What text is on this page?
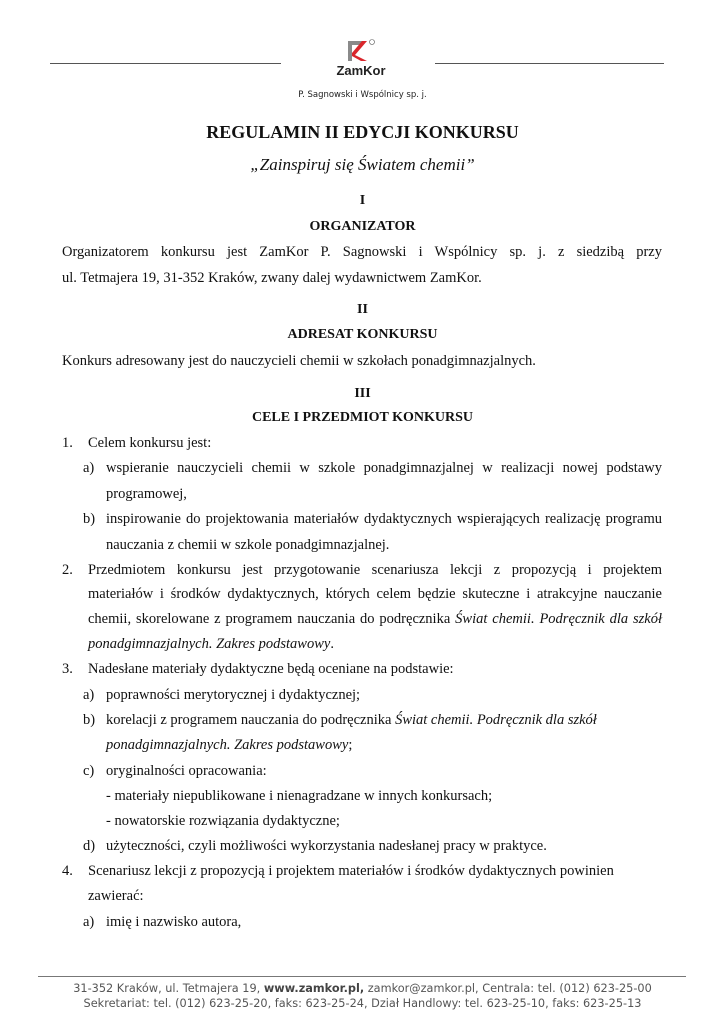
ZamKor
P. Sagnowski i Wspólnicy sp. j.
REGULAMIN II EDYCJI KONKURSU
„Zainspiruj się Światem chemii”
I
ORGANIZATOR
Organizatorem konkursu jest ZamKor P. Sagnowski i Wspólnicy sp. j. z siedzibą przy
ul. Tetmajera 19, 31-352 Kraków, zwany dalej wydawnictwem ZamKor.
II
ADRESAT KONKURSU
Konkurs adresowany jest do nauczycieli chemii w szkołach ponadgimnazjalnych.
III
CELE I PRZEDMIOT KONKURSU
1. Celem konkursu jest:
a) wspieranie nauczycieli chemii w szkole ponadgimnazjalnej w realizacji nowej podstawy
programowej,
b) inspirowanie do projektowania materiałów dydaktycznych wspierających realizację programu
nauczania z chemii w szkole ponadgimnazjalnej.
2. Przedmiotem konkursu jest przygotowanie scenariusza lekcji z propozycją i projektem
materiałów i środków dydaktycznych, których celem będzie skuteczne i atrakcyjne nauczanie
chemii, skorelowane z programem nauczania do podręcznika Świat chemii. Podręcznik dla szkół
ponadgimnazjalnych. Zakres podstawowy.
3. Nadesłane materiały dydaktyczne będą oceniane na podstawie:
a) poprawności merytorycznej i dydaktycznej;
b) korelacji z programem nauczania do podręcznika Świat chemii. Podręcznik dla szkół
ponadgimnazjalnych. Zakres podstawowy;
c) oryginalności opracowania:
- materiały niepublikowane i nienagradzane w innych konkursach;
- nowatorskie rozwiązania dydaktyczne;
d) użyteczności, czyli możliwości wykorzystania nadesłanej pracy w praktyce.
4. Scenariusz lekcji z propozycją i projektem materiałów i środków dydaktycznych powinien
zawierać:
a) imię i nazwisko autora,
31-352 Kraków, ul. Tetmajera 19, www.zamkor.pl, zamkor@zamkor.pl, Centrala: tel. (012) 623-25-00
Sekretariat: tel. (012) 623-25-20, faks: 623-25-24, Dział Handlowy: tel. 623-25-10, faks: 623-25-13
